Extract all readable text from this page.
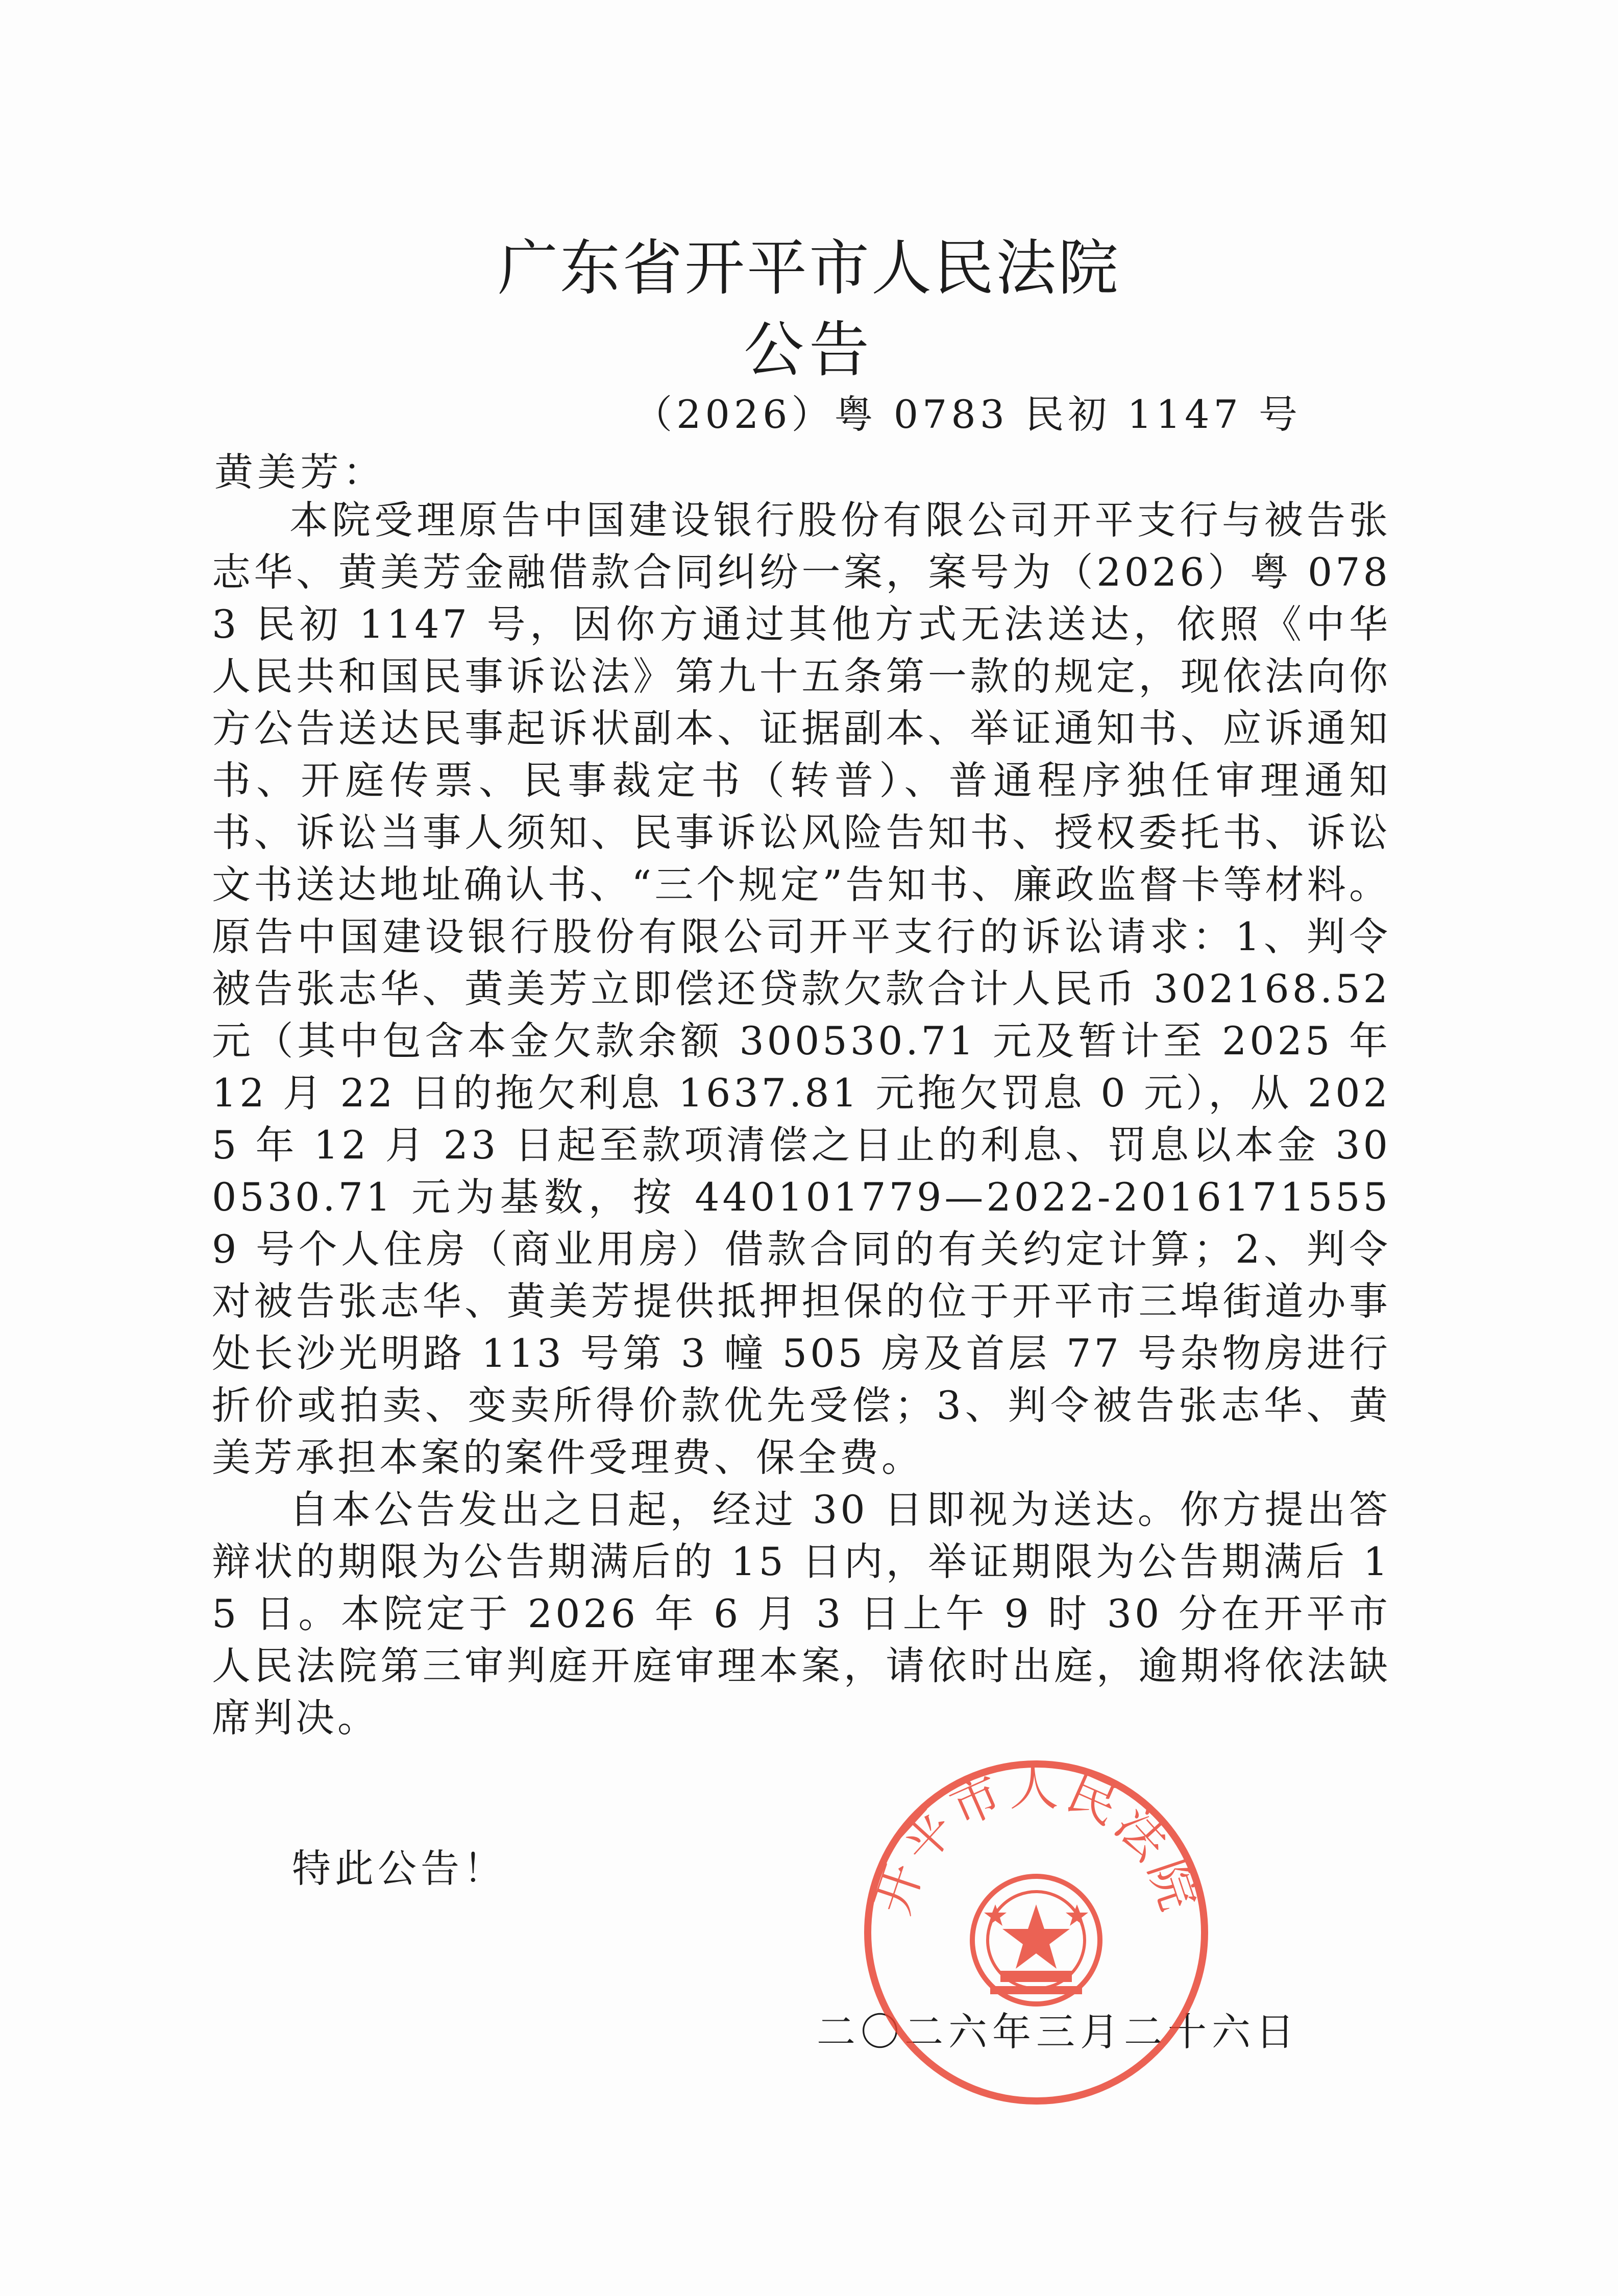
广东省开平市人民法院
公告
（2026）粤 0783 民初 1147 号
黄美芳：

本院受理原告中国建设银行股份有限公司开平支行与被告张志华、黄美芳金融借款合同纠纷一案，案号为（2026）粤 0783 民初 1147 号，因你方通过其他方式无法送达，依照《中华人民共和国民事诉讼法》第九十五条第一款的规定，现依法向你方公告送达民事起诉状副本、证据副本、举证通知书、应诉通知书、开庭传票、民事裁定书（转普）、普通程序独任审理通知书、诉讼当事人须知、民事诉讼风险告知书、授权委托书、诉讼文书送达地址确认书、“三个规定”告知书、廉政监督卡等材料。原告中国建设银行股份有限公司开平支行的诉讼请求：1、判令被告张志华、黄美芳立即偿还贷款欠款合计人民币 302168.52 元（其中包含本金欠款余额 300530.71 元及暂计至 2025 年 12 月 22 日的拖欠利息 1637.81 元拖欠罚息 0 元），从 2025 年 12 月 23 日起至款项清偿之日止的利息、罚息以本金 300530.71 元为基数，按 440101779—2022-20161715559 号个人住房（商业用房）借款合同的有关约定计算；2、判令对被告张志华、黄美芳提供抵押担保的位于开平市三埠街道办事处长沙光明路 113 号第 3 幢 505 房及首层 77 号杂物房进行折价或拍卖、变卖所得价款优先受偿；3、判令被告张志华、黄美芳承担本案的案件受理费、保全费。

自本公告发出之日起，经过 30 日即视为送达。你方提出答辩状的期限为公告期满后的 15 日内，举证期限为公告期满后 15 日。本院定于 2026 年 6 月 3 日上午 9 时 30 分在开平市人民法院第三审判庭开庭审理本案，请依时出庭，逾期将依法缺席判决。

特此公告！
二〇二六年三月二十六日
开平市人民法院
